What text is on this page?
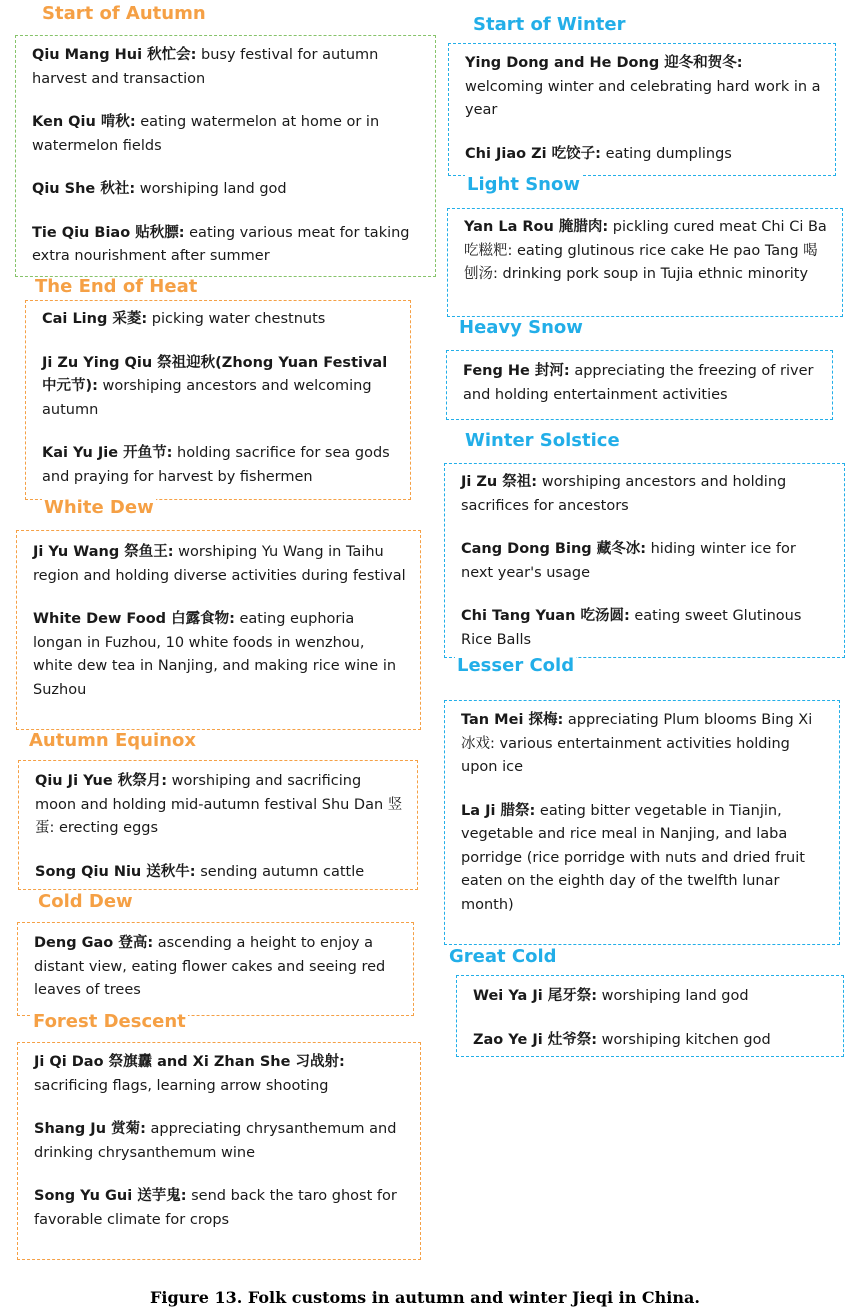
Qiu Mang Hui 秋忙会: busy festival for autumn harvest and transaction
Ken Qiu 啃秋: eating watermelon at home or in watermelon fields
Qiu She 秋社: worshiping land god
Tie Qiu Biao 贴秋膘: eating various meat for taking extra nourishment after summer
Start of Autumn
Cai Ling 采菱: picking water chestnuts
Ji Zu Ying Qiu 祭祖迎秋(Zhong Yuan Festival 中元节): worshiping ancestors and welcoming autumn
Kai Yu Jie 开鱼节: holding sacrifice for sea gods and praying for harvest by fishermen
The End of Heat
Ji Yu Wang 祭鱼王: worshiping Yu Wang in Taihu region and holding diverse activities during festival
White Dew Food 白露食物: eating euphoria longan in Fuzhou, 10 white foods in wenzhou, white dew tea in Nanjing, and making rice wine in Suzhou
White Dew
Qiu Ji Yue 秋祭月: worshiping and sacrificing moon and holding mid-autumn festival Shu Dan 竖蛋: erecting eggs
Song Qiu Niu 送秋牛: sending autumn cattle
Autumn Equinox
Deng Gao 登高: ascending a height to enjoy a distant view, eating flower cakes and seeing red leaves of trees
Cold Dew
Ji Qi Dao 祭旗纛 and Xi Zhan She 习战射: sacrificing flags, learning arrow shooting
Shang Ju 赏菊: appreciating chrysanthemum and drinking chrysanthemum wine
Song Yu Gui 送芋鬼: send back the taro ghost for favorable climate for crops
Forest Descent
Ying Dong and He Dong 迎冬和贺冬: welcoming winter and celebrating hard work in a year
Chi Jiao Zi 吃饺子: eating dumplings
Start of Winter
Yan La Rou 腌腊肉: pickling cured meat Chi Ci Ba 吃糍粑: eating glutinous rice cake He pao Tang 喝刨汤: drinking pork soup in Tujia ethnic minority
Light Snow
Feng He 封河: appreciating the freezing of river and holding entertainment activities
Heavy Snow
Ji Zu 祭祖: worshiping ancestors and holding sacrifices for ancestors
Cang Dong Bing 藏冬冰: hiding winter ice for next year's usage
Chi Tang Yuan 吃汤圆: eating sweet Glutinous Rice Balls
Winter Solstice
Tan Mei 探梅: appreciating Plum blooms Bing Xi 冰戏: various entertainment activities holding upon ice
La Ji 腊祭: eating bitter vegetable in Tianjin, vegetable and rice meal in Nanjing, and laba porridge (rice porridge with nuts and dried fruit eaten on the eighth day of the twelfth lunar month)
Lesser Cold
Wei Ya Ji 尾牙祭: worshiping land god
Zao Ye Ji 灶爷祭: worshiping kitchen god
Great Cold
Figure 13. Folk customs in autumn and winter Jieqi in China.
